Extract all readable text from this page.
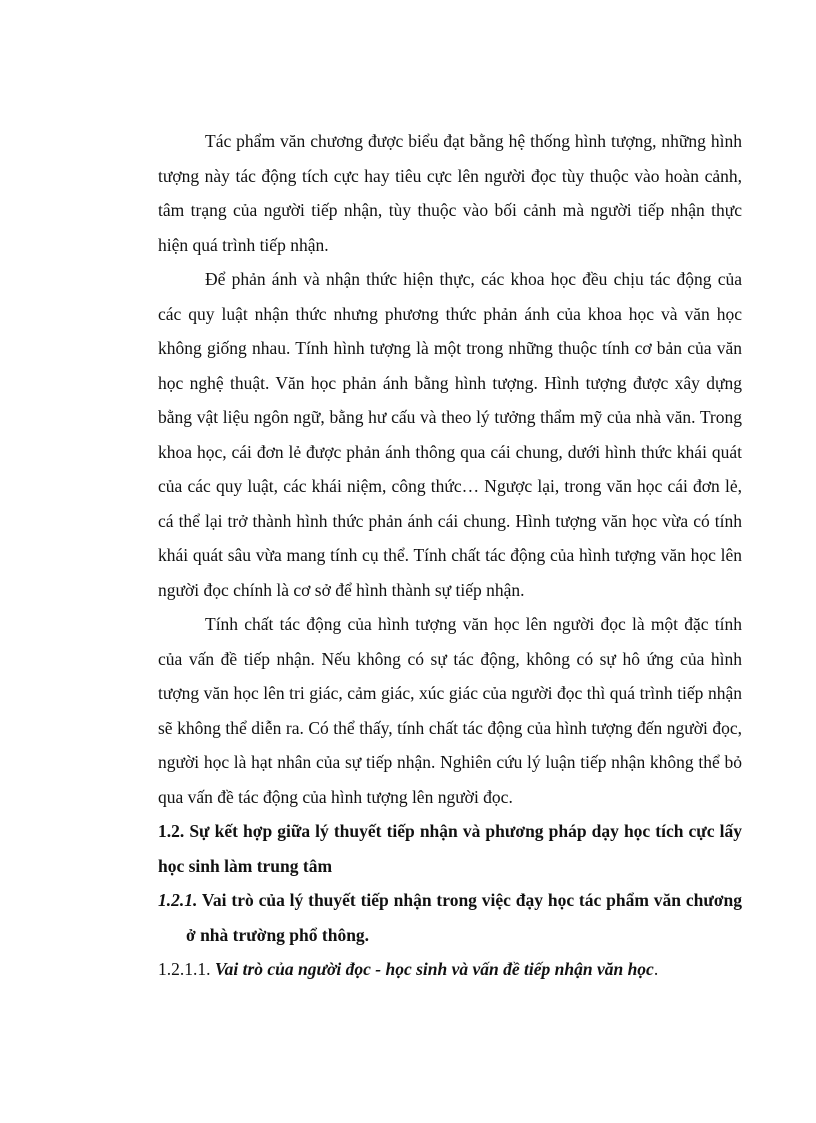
Tác phẩm văn chương được biểu đạt bằng hệ thống hình tượng, những hình tượng này tác động tích cực hay tiêu cực lên người đọc tùy thuộc vào hoàn cảnh, tâm trạng của người tiếp nhận, tùy thuộc vào bối cảnh mà người tiếp nhận thực hiện quá trình tiếp nhận.

Để phản ánh và nhận thức hiện thực, các khoa học đều chịu tác động của các quy luật nhận thức nhưng phương thức phản ánh của khoa học và văn học không giống nhau. Tính hình tượng là một trong những thuộc tính cơ bản của văn học nghệ thuật. Văn học phản ánh bằng hình tượng. Hình tượng được xây dựng bằng vật liệu ngôn ngữ, bằng hư cấu và theo lý tưởng thẩm mỹ của nhà văn. Trong khoa học, cái đơn lẻ được phản ánh thông qua cái chung, dưới hình thức khái quát của các quy luật, các khái niệm, công thức… Ngược lại, trong văn học cái đơn lẻ, cá thể lại trở thành hình thức phản ánh cái chung. Hình tượng văn học vừa có tính khái quát sâu vừa mang tính cụ thể. Tính chất tác động của hình tượng văn học lên người đọc chính là cơ sở để hình thành sự tiếp nhận.

Tính chất tác động của hình tượng văn học lên người đọc là một đặc tính của vấn đề tiếp nhận. Nếu không có sự tác động, không có sự hô ứng của hình tượng văn học lên tri giác, cảm giác, xúc giác của người đọc thì quá trình tiếp nhận sẽ không thể diễn ra. Có thể thấy, tính chất tác động của hình tượng đến người đọc, người học là hạt nhân của sự tiếp nhận. Nghiên cứu lý luận tiếp nhận không thể bỏ qua vấn đề tác động của hình tượng lên người đọc.

1.2. Sự kết hợp giữa lý thuyết tiếp nhận và phương pháp dạy học tích cực lấy học sinh làm trung tâm

1.2.1. Vai trò của lý thuyết tiếp nhận trong việc đạy học tác phẩm văn chương ở nhà trường phổ thông.

1.2.1.1. Vai trò của người đọc - học sinh và vấn đề tiếp nhận văn học.
